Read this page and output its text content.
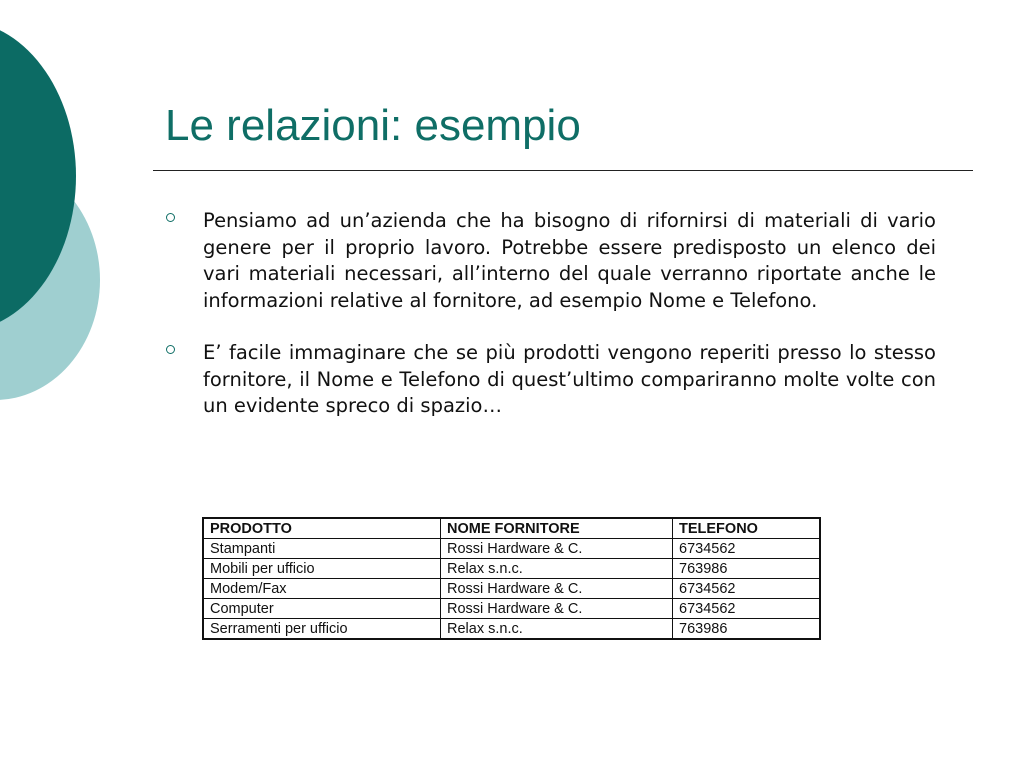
Le relazioni: esempio

Pensiamo ad un’azienda che ha bisogno di rifornirsi di materiali di vario genere per il proprio lavoro. Potrebbe essere predisposto un elenco dei vari materiali necessari, all’interno del quale verranno riportate anche le informazioni relative al fornitore, ad esempio Nome e Telefono.

E’ facile immaginare che se più prodotti vengono reperiti presso lo stesso fornitore, il Nome e Telefono di quest’ultimo compariranno molte volte con un evidente spreco di spazio…

PRODOTTO	NOME FORNITORE	TELEFONO
Stampanti	Rossi Hardware & C.	6734562
Mobili per ufficio	Relax s.n.c.	763986
Modem/Fax	Rossi Hardware & C.	6734562
Computer	Rossi Hardware & C.	6734562
Serramenti per ufficio	Relax s.n.c.	763986
